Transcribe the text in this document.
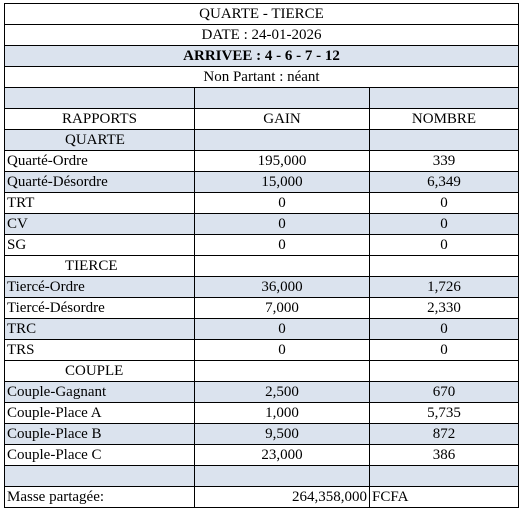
QUARTE - TIERCE		
DATE : 24-01-2026		
ARRIVEE : 4 - 6 - 7 - 12		
Non Partant : néant		

RAPPORTS	GAIN	NOMBRE
QUARTE		
Quarté-Ordre	195,000	339
Quarté-Désordre	15,000	6,349
TRT	0	0
CV	0	0
SG	0	0
TIERCE		
Tiercé-Ordre	36,000	1,726
Tiercé-Désordre	7,000	2,330
TRC	0	0
TRS	0	0
COUPLE		
Couple-Gagnant	2,500	670
Couple-Place A	1,000	5,735
Couple-Place B	9,500	872
Couple-Place C	23,000	386

Masse partagée:	264,358,000	FCFA
